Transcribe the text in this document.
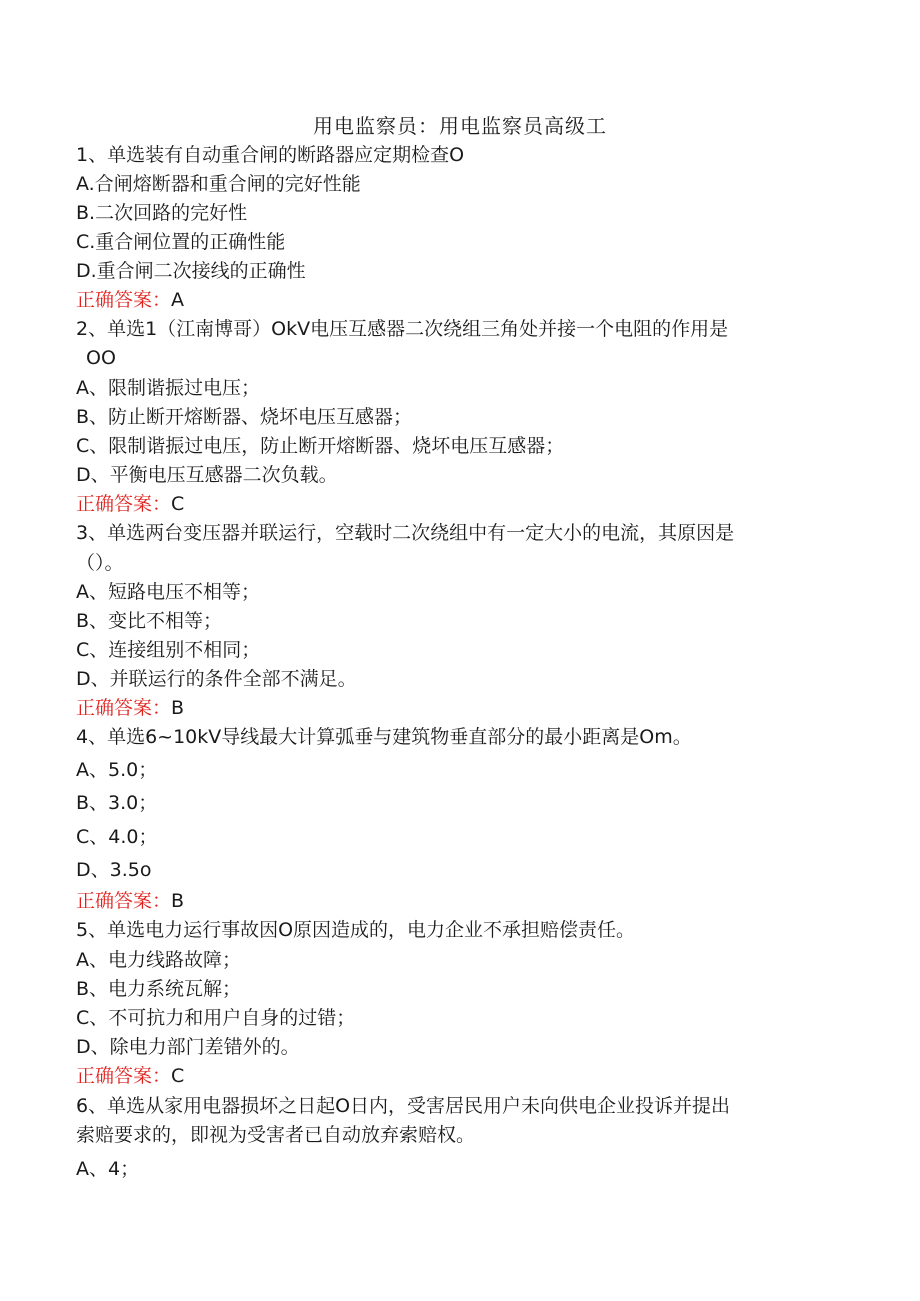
用电监察员：用电监察员高级工
1、单选装有自动重合闸的断路器应定期检查O
A.合闸熔断器和重合闸的完好性能
B.二次回路的完好性
C.重合闸位置的正确性能
D.重合闸二次接线的正确性
正确答案：A
2、单选1（江南博哥）OkV电压互感器二次绕组三角处并接一个电阻的作用是
OO
A、限制谐振过电压；
B、防止断开熔断器、烧坏电压互感器；
C、限制谐振过电压，防止断开熔断器、烧坏电压互感器；
D、平衡电压互感器二次负载。
正确答案：C
3、单选两台变压器并联运行，空载时二次绕组中有一定大小的电流，其原因是
（）。
A、短路电压不相等；
B、变比不相等；
C、连接组别不相同；
D、并联运行的条件全部不满足。
正确答案：B
4、单选6~10kV导线最大计算弧垂与建筑物垂直部分的最小距离是Om。
A、5.0；
B、3.0；
C、4.0；
D、3.5o
正确答案：B
5、单选电力运行事故因O原因造成的，电力企业不承担赔偿责任。
A、电力线路故障；
B、电力系统瓦解；
C、不可抗力和用户自身的过错；
D、除电力部门差错外的。
正确答案：C
6、单选从家用电器损坏之日起O日内，受害居民用户未向供电企业投诉并提出
索赔要求的，即视为受害者已自动放弃索赔权。
A、4；
